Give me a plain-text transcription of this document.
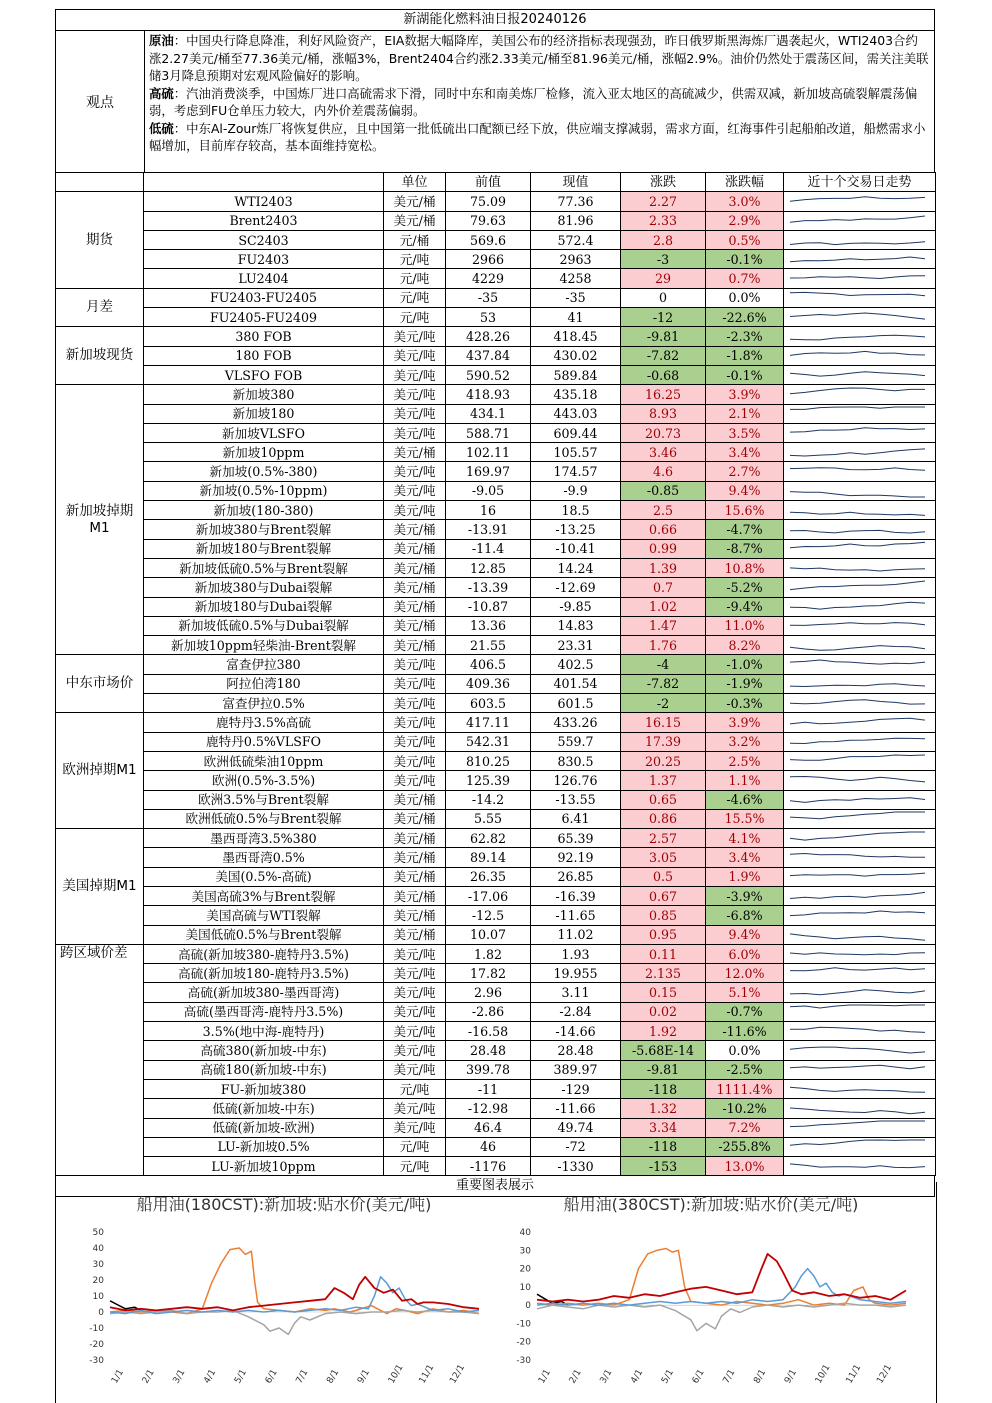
新湖能化燃料油日报20240126
观点
原油：中国央行降息降准，利好风险资产，EIA数据大幅降库，美国公布的经济指标表现强劲，昨日俄罗斯黑海炼厂遇袭起火，WTI2403合约涨2.27美元/桶至77.36美元/桶，涨幅3%，Brent2404合约涨2.33美元/桶至81.96美元/桶，涨幅2.9%。油价仍然处于震荡区间，需关注美联储3月降息预期对宏观风险偏好的影响。
高硫：汽油消费淡季，中国炼厂进口高硫需求下滑，同时中东和南美炼厂检修，流入亚太地区的高硫减少，供需双减，新加坡高硫裂解震荡偏弱，考虑到FU仓单压力较大，内外价差震荡偏弱。
低硫：中东Al-Zour炼厂将恢复供应，且中国第一批低硫出口配额已经下放，供应端支撑减弱，需求方面，红海事件引起船舶改道，船燃需求小幅增加，目前库存较高，基本面维持宽松。
		单位	前值	现值	涨跌	涨跌幅	近十个交易日走势
期货	WTI2403	美元/桶	75.09	77.36	2.27	3.0%	

	Brent2403	美元/桶	79.63	81.96	2.33	2.9%	

	SC2403	元/桶	569.6	572.4	2.8	0.5%	

	FU2403	元/吨	2966	2963	-3	-0.1%	

	LU2404	元/吨	4229	4258	29	0.7%	

月差	FU2403-FU2405	元/吨	-35	-35	0	0.0%	

	FU2405-FU2409	元/吨	53	41	-12	-22.6%	

新加坡现货	380 FOB	美元/吨	428.26	418.45	-9.81	-2.3%	

	180 FOB	美元/吨	437.84	430.02	-7.82	-1.8%	

	VLSFO FOB	美元/吨	590.52	589.84	-0.68	-0.1%	

新加坡掉期M1	新加坡380	美元/吨	418.93	435.18	16.25	3.9%	

	新加坡180	美元/吨	434.1	443.03	8.93	2.1%	

	新加坡VLSFO	美元/吨	588.71	609.44	20.73	3.5%	

	新加坡10ppm	美元/桶	102.11	105.57	3.46	3.4%	

	新加坡(0.5%-380)	美元/吨	169.97	174.57	4.6	2.7%	

	新加坡(0.5%-10ppm)	美元/吨	-9.05	-9.9	-0.85	9.4%	

	新加坡(180-380)	美元/吨	16	18.5	2.5	15.6%	

	新加坡380与Brent裂解	美元/桶	-13.91	-13.25	0.66	-4.7%	

	新加坡180与Brent裂解	美元/桶	-11.4	-10.41	0.99	-8.7%	

	新加坡低硫0.5%与Brent裂解	美元/桶	12.85	14.24	1.39	10.8%	

	新加坡380与Dubai裂解	美元/桶	-13.39	-12.69	0.7	-5.2%	

	新加坡180与Dubai裂解	美元/桶	-10.87	-9.85	1.02	-9.4%	

	新加坡低硫0.5%与Dubai裂解	美元/桶	13.36	14.83	1.47	11.0%	

	新加坡10ppm轻柴油-Brent裂解	美元/桶	21.55	23.31	1.76	8.2%	

中东市场价	富查伊拉380	美元/吨	406.5	402.5	-4	-1.0%	

	阿拉伯湾180	美元/吨	409.36	401.54	-7.82	-1.9%	

	富查伊拉0.5%	美元/吨	603.5	601.5	-2	-0.3%	

欧洲掉期M1	鹿特丹3.5%高硫	美元/吨	417.11	433.26	16.15	3.9%	

	鹿特丹0.5%VLSFO	美元/吨	542.31	559.7	17.39	3.2%	

	欧洲低硫柴油10ppm	美元/吨	810.25	830.5	20.25	2.5%	

	欧洲(0.5%-3.5%)	美元/吨	125.39	126.76	1.37	1.1%	

	欧洲3.5%与Brent裂解	美元/桶	-14.2	-13.55	0.65	-4.6%	

	欧洲低硫0.5%与Brent裂解	美元/桶	5.55	6.41	0.86	15.5%	

美国掉期M1	墨西哥湾3.5%380	美元/桶	62.82	65.39	2.57	4.1%	

	墨西哥湾0.5%	美元/桶	89.14	92.19	3.05	3.4%	

	美国(0.5%-高硫)	美元/桶	26.35	26.85	0.5	1.9%	

	美国高硫3%与Brent裂解	美元/桶	-17.06	-16.39	0.67	-3.9%	

	美国高硫与WTI裂解	美元/桶	-12.5	-11.65	0.85	-6.8%	

	美国低硫0.5%与Brent裂解	美元/桶	10.07	11.02	0.95	9.4%	

跨区域价差	高硫(新加坡380-鹿特丹3.5%)	美元/吨	1.82	1.93	0.11	6.0%	

	高硫(新加坡180-鹿特丹3.5%)	美元/吨	17.82	19.955	2.135	12.0%	

	高硫(新加坡380-墨西哥湾)	美元/吨	2.96	3.11	0.15	5.1%	

	高硫(墨西哥湾-鹿特丹3.5%)	美元/吨	-2.86	-2.84	0.02	-0.7%	

	3.5%(地中海-鹿特丹)	美元/吨	-16.58	-14.66	1.92	-11.6%	

	高硫380(新加坡-中东)	美元/吨	28.48	28.48	-5.68E-14	0.0%	

	高硫180(新加坡-中东)	美元/吨	399.78	389.97	-9.81	-2.5%	

	FU-新加坡380	元/吨	-11	-129	-118	1111.4%	

	低硫(新加坡-中东)	美元/吨	-12.98	-11.66	1.32	-10.2%	

	低硫(新加坡-欧洲)	美元/吨	46.4	49.74	3.34	7.2%	

	LU-新加坡0.5%	元/吨	46	-72	-118	-255.8%	

	LU-新加坡10ppm	元/吨	-1176	-1330	-153	13.0%	
重要图表展示
-30
-20
-10
0
10
20
30
40
50
1/1 2/1 3/1 4/1 5/1 6/1 7/1 8/1 9/1 10/1 11/1 12/1
船用油(180CST):新加坡:贴水价(美元/吨)
-30
-20
-10
0
10
20
30
40
1/1 2/1 3/1 4/1 5/1 6/1 7/1 8/1 9/1 10/1 11/1 12/1
船用油(380CST):新加坡:贴水价(美元/吨)
